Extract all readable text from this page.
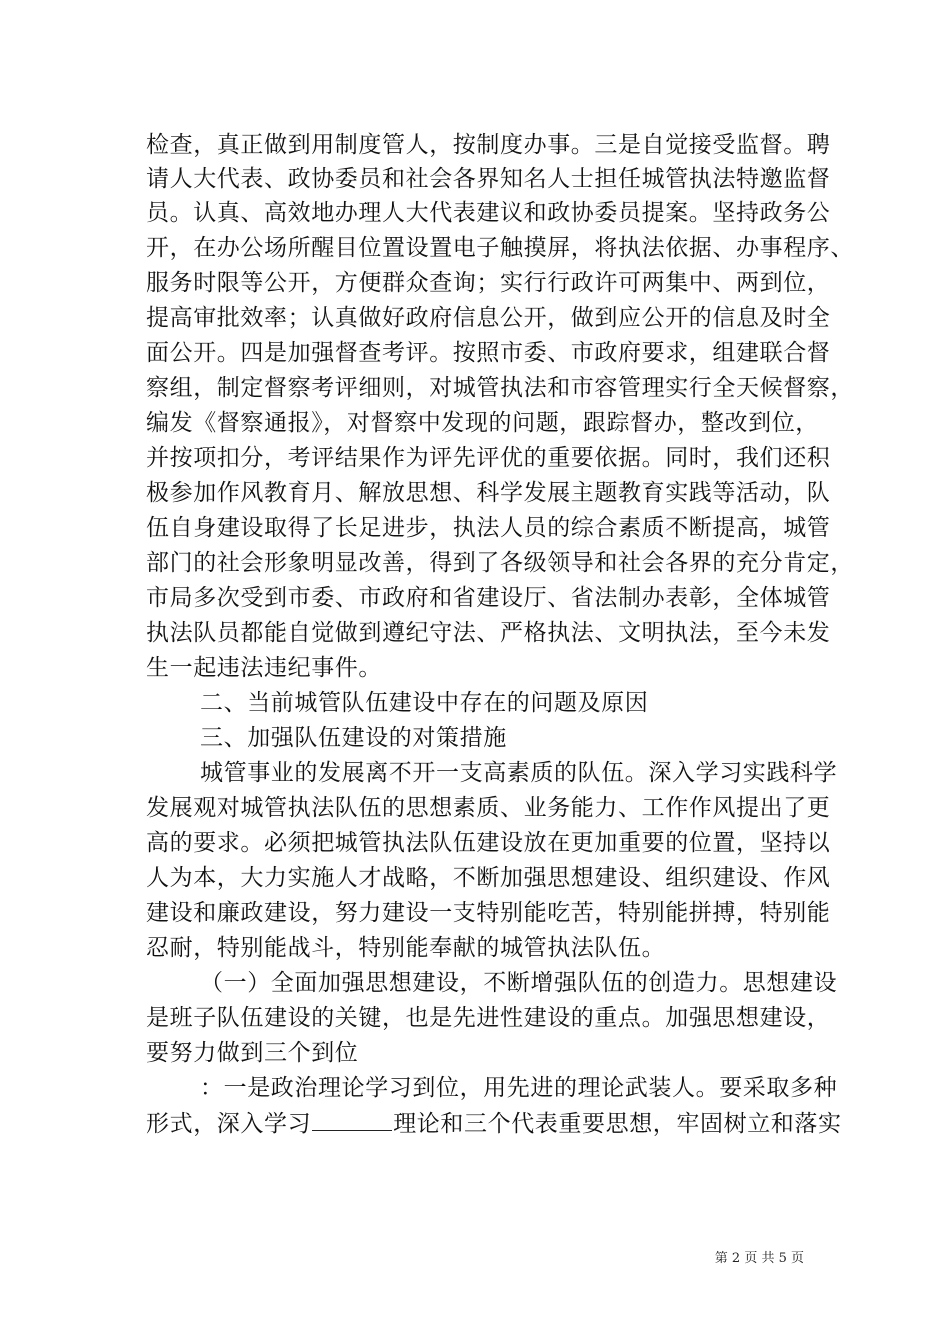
检查，真正做到用制度管人，按制度办事。三是自觉接受监督。聘
请人大代表、政协委员和社会各界知名人士担任城管执法特邀监督
员。认真、高效地办理人大代表建议和政协委员提案。坚持政务公
开，在办公场所醒目位置设置电子触摸屏，将执法依据、办事程序、
服务时限等公开，方便群众查询；实行行政许可两集中、两到位，
提高审批效率；认真做好政府信息公开，做到应公开的信息及时全
面公开。四是加强督查考评。按照市委、市政府要求，组建联合督
察组，制定督察考评细则，对城管执法和市容管理实行全天候督察，
编发《督察通报》，对督察中发现的问题，跟踪督办，整改到位，
并按项扣分，考评结果作为评先评优的重要依据。同时，我们还积
极参加作风教育月、解放思想、科学发展主题教育实践等活动，队
伍自身建设取得了长足进步，执法人员的综合素质不断提高，城管
部门的社会形象明显改善，得到了各级领导和社会各界的充分肯定，
市局多次受到市委、市政府和省建设厅、省法制办表彰，全体城管
执法队员都能自觉做到遵纪守法、严格执法、文明执法，至今未发
生一起违法违纪事件。
二、当前城管队伍建设中存在的问题及原因
三、加强队伍建设的对策措施
城管事业的发展离不开一支高素质的队伍。深入学习实践科学
发展观对城管执法队伍的思想素质、业务能力、工作作风提出了更
高的要求。必须把城管执法队伍建设放在更加重要的位置，坚持以
人为本，大力实施人才战略，不断加强思想建设、组织建设、作风
建设和廉政建设，努力建设一支特别能吃苦，特别能拼搏，特别能
忍耐，特别能战斗，特别能奉献的城管执法队伍。
（一）全面加强思想建设，不断增强队伍的创造力。思想建设
是班子队伍建设的关键，也是先进性建设的重点。加强思想建设，
要努力做到三个到位
：一是政治理论学习到位，用先进的理论武装人。要采取多种
形式，深入学习	理论和三个代表重要思想，牢固树立和落实
第 2 页 共 5 页
